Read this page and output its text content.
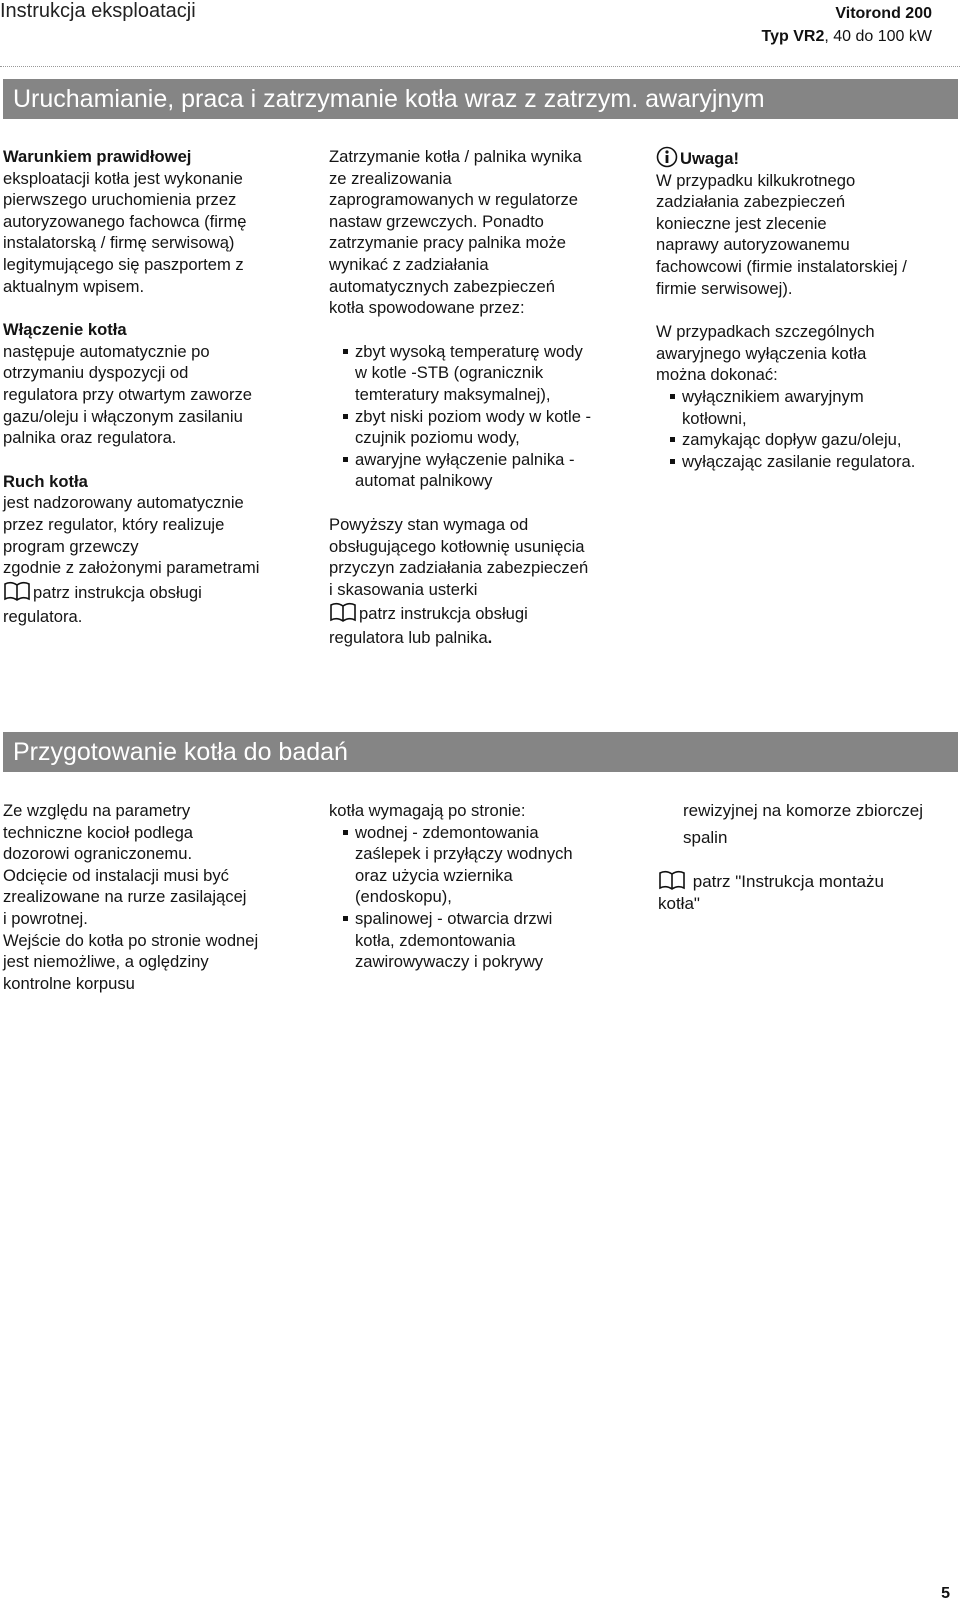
Instrukcja eksploatacji	Vitorond 200
Typ VR2, 40 do 100 kW
Uruchamianie, praca i zatrzymanie kotła wraz z zatrzym. awaryjnym

Warunkiem prawidłowej

eksploatacji kotła jest wykonanie

pierwszego uruchomienia przez

autoryzowanego fachowca (firmę

instalatorską / firmę serwisową)

legitymującego się paszportem z

aktualnym wpisem.

Włączenie kotła

następuje automatycznie po

otrzymaniu dyspozycji od

regulatora przy otwartym zaworze

gazu/oleju i włączonym zasilaniu

palnika oraz regulatora.

Ruch kotła

jest nadzorowany automatycznie

przez regulator, który realizuje

program grzewczy

zgodnie z założonymi parametrami

patrz instrukcja obsługi

regulatora.

Zatrzymanie kotła / palnika wynika

ze zrealizowania

zaprogramowanych w regulatorze

nastaw grzewczych. Ponadto

zatrzymanie pracy palnika może

wynikać z zadziałania

automatycznych zabezpieczeń

kotła spowodowane przez:

zbyt wysoką temperaturę wody

w kotle -STB (ogranicznik

temteratury maksymalnej),

zbyt niski poziom wody w kotle -

czujnik poziomu wody,

awaryjne wyłączenie palnika -

automat palnikowy

Powyższy stan wymaga od

obsługującego kotłownię usunięcia

przyczyn zadziałania zabezpieczeń

i skasowania usterki

patrz instrukcja obsługi

regulatora lub palnika.

Uwaga!

W przypadku kilkukrotnego

zadziałania zabezpieczeń

konieczne jest zlecenie

naprawy autoryzowanemu

fachowcowi (firmie instalatorskiej /

firmie serwisowej).

W przypadkach szczególnych

awaryjnego wyłączenia kotła

można dokonać:

wyłącznikiem awaryjnym

kotłowni,

zamykając dopływ gazu/oleju,

wyłączając zasilanie regulatora.

Przygotowanie kotła do badań

Ze względu na parametry

techniczne kocioł podlega

dozorowi ograniczonemu.

Odcięcie od instalacji musi być

zrealizowane na rurze zasilającej

i powrotnej.

Wejście do kotła po stronie wodnej

jest niemożliwe, a oględziny

kontrolne korpusu

kotła wymagają po stronie:

wodnej - zdemontowania

zaślepek i przyłączy wodnych

oraz użycia wziernika

(endoskopu),

spalinowej - otwarcia drzwi

kotła, zdemontowania

zawirowywaczy i pokrywy

rewizyjnej na komorze zbiorczej

spalin

patrz "Instrukcja montażu

kotła"

5
